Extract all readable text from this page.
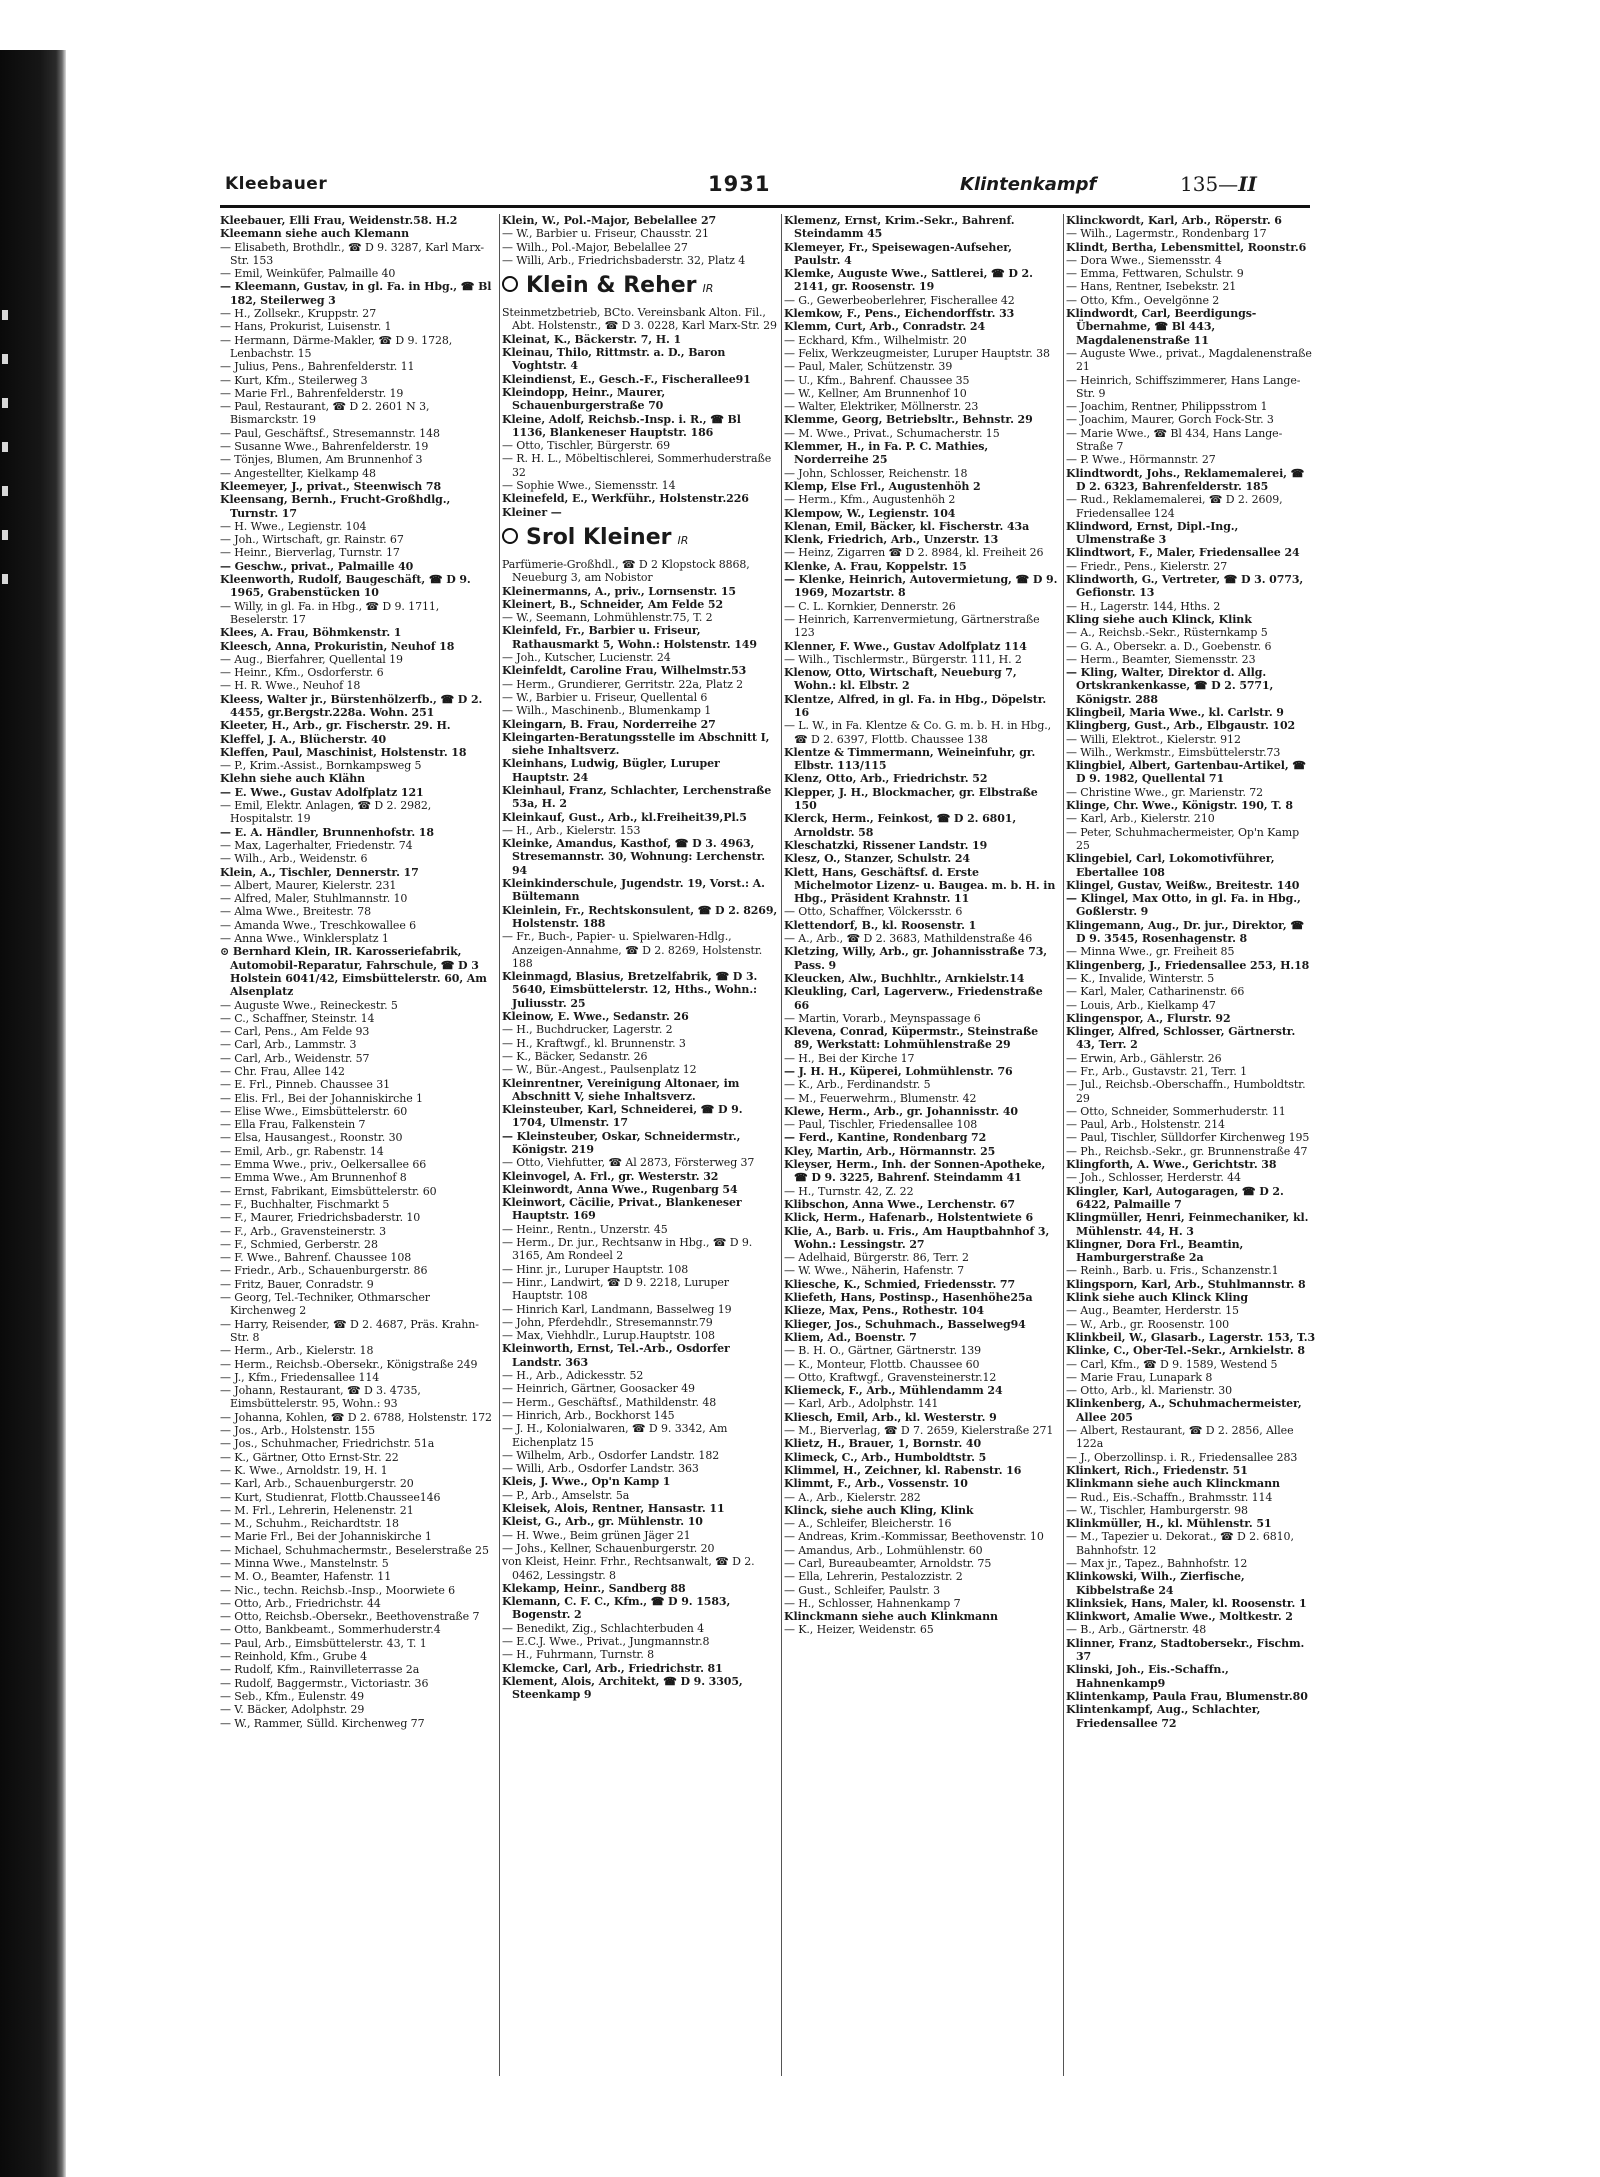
Kleebauer	1931	Klintenkampf	135—II

Kleebauer, Elli Frau, Weidenstr.58. H.2

Kleemann siehe auch Klemann

— Elisabeth, Brothdlr., ☎ D 9. 3287, Karl Marx-Str. 153

— Emil, Weinküfer, Palmaille 40

— Kleemann, Gustav, in gl. Fa. in Hbg., ☎ Bl 182, Steilerweg 3

— H., Zollsekr., Kruppstr. 27

— Hans, Prokurist, Luisenstr. 1

— Hermann, Därme-Makler, ☎ D 9. 1728, Lenbachstr. 15

— Julius, Pens., Bahrenfelderstr. 11

— Kurt, Kfm., Steilerweg 3

— Marie Frl., Bahrenfelderstr. 19

— Paul, Restaurant, ☎ D 2. 2601 N 3, Bismarckstr. 19

— Paul, Geschäftsf., Stresemannstr. 148

— Susanne Wwe., Bahrenfelderstr. 19

— Tönjes, Blumen, Am Brunnenhof 3

— Angestellter, Kielkamp 48

Kleemeyer, J., privat., Steenwisch 78

Kleensang, Bernh., Frucht-Großhdlg., Turnstr. 17

— H. Wwe., Legienstr. 104

— Joh., Wirtschaft, gr. Rainstr. 67

— Heinr., Bierverlag, Turnstr. 17

— Geschw., privat., Palmaille 40

Kleenworth, Rudolf, Baugeschäft, ☎ D 9. 1965, Grabenstücken 10

— Willy, in gl. Fa. in Hbg., ☎ D 9. 1711, Beselerstr. 17

Klees, A. Frau, Böhmkenstr. 1

Kleesch, Anna, Prokuristin, Neuhof 18

— Aug., Bierfahrer, Quellental 19

— Heinr., Kfm., Osdorferstr. 6

— H. R. Wwe., Neuhof 18

Kleess, Walter jr., Bürstenhölzerfb., ☎ D 2. 4455, gr.Bergstr.228a. Wohn. 251

Kleeter, H., Arb., gr. Fischerstr. 29. H.

Kleffel, J. A., Blücherstr. 40

Kleffen, Paul, Maschinist, Holstenstr. 18

— P., Krim.-Assist., Bornkampsweg 5

Klehn siehe auch Klähn

— E. Wwe., Gustav Adolfplatz 121

— Emil, Elektr. Anlagen, ☎ D 2. 2982, Hospitalstr. 19

— E. A. Händler, Brunnenhofstr. 18

— Max, Lagerhalter, Friedenstr. 74

— Wilh., Arb., Weidenstr. 6

Klein, A., Tischler, Dennerstr. 17

— Albert, Maurer, Kielerstr. 231

— Alfred, Maler, Stuhlmannstr. 10

— Alma Wwe., Breitestr. 78

— Amanda Wwe., Treschkowallee 6

— Anna Wwe., Winklersplatz 1

⊙ Bernhard Klein, IR. Karosseriefabrik, Automobil-Reparatur, Fahrschule, ☎ D 3 Holstein 6041/42, Eimsbüttelerstr. 60, Am Alsenplatz

— Auguste Wwe., Reineckestr. 5

— C., Schaffner, Steinstr. 14

— Carl, Pens., Am Felde 93

— Carl, Arb., Lammstr. 3

— Carl, Arb., Weidenstr. 57

— Chr. Frau, Allee 142

— E. Frl., Pinneb. Chaussee 31

— Elis. Frl., Bei der Johanniskirche 1

— Elise Wwe., Eimsbüttelerstr. 60

— Ella Frau, Falkenstein 7

— Elsa, Hausangest., Roonstr. 30

— Emil, Arb., gr. Rabenstr. 14

— Emma Wwe., priv., Oelkersallee 66

— Emma Wwe., Am Brunnenhof 8

— Ernst, Fabrikant, Eimsbüttelerstr. 60

— F., Buchhalter, Fischmarkt 5

— F., Maurer, Friedrichsbaderstr. 10

— F., Arb., Gravensteinerstr. 3

— F., Schmied, Gerberstr. 28

— F. Wwe., Bahrenf. Chaussee 108

— Friedr., Arb., Schauenburgerstr. 86

— Fritz, Bauer, Conradstr. 9

— Georg, Tel.-Techniker, Othmarscher Kirchenweg 2

— Harry, Reisender, ☎ D 2. 4687, Präs. Krahn-Str. 8

— Herm., Arb., Kielerstr. 18

— Herm., Reichsb.-Obersekr., Königstraße 249

— J., Kfm., Friedensallee 114

— Johann, Restaurant, ☎ D 3. 4735, Eimsbüttelerstr. 95, Wohn.: 93

— Johanna, Kohlen, ☎ D 2. 6788, Holstenstr. 172

— Jos., Arb., Holstenstr. 155

— Jos., Schuhmacher, Friedrichstr. 51a

— K., Gärtner, Otto Ernst-Str. 22

— K. Wwe., Arnoldstr. 19, H. 1

— Karl, Arb., Schauenburgerstr. 20

— Kurt, Studienrat, Flottb.Chaussee146

— M. Frl., Lehrerin, Helenenstr. 21

— M., Schuhm., Reichardtstr. 18

— Marie Frl., Bei der Johanniskirche 1

— Michael, Schuhmachermstr., Beselerstraße 25

— Minna Wwe., Manstelnstr. 5

— M. O., Beamter, Hafenstr. 11

— Nic., techn. Reichsb.-Insp., Moorwiete 6

— Otto, Arb., Friedrichstr. 44

— Otto, Reichsb.-Obersekr., Beethovenstraße 7

— Otto, Bankbeamt., Sommerhuderstr.4

— Paul, Arb., Eimsbüttelerstr. 43, T. 1

— Reinhold, Kfm., Grube 4

— Rudolf, Kfm., Rainvilleterrasse 2a

— Rudolf, Baggermstr., Victoriastr. 36

— Seb., Kfm., Eulenstr. 49

— V. Bäcker, Adolphstr. 29

— W., Rammer, Sülld. Kirchenweg 77

Klein, W., Pol.-Major, Bebelallee 27

— W., Barbier u. Friseur, Chausstr. 21

— Wilh., Pol.-Major, Bebelallee 27

— Willi, Arb., Friedrichsbaderstr. 32, Platz 4

Klein & Reher IR

Steinmetzbetrieb, BCto. Vereinsbank Alton. Fil., Abt. Holstenstr., ☎ D 3. 0228, Karl Marx-Str. 29

Kleinat, K., Bäckerstr. 7, H. 1

Kleinau, Thilo, Rittmstr. a. D., Baron Voghtstr. 4

Kleindienst, E., Gesch.-F., Fischerallee91

Kleindopp, Heinr., Maurer, Schauenburgerstraße 70

Kleine, Adolf, Reichsb.-Insp. i. R., ☎ Bl 1136, Blankeneser Hauptstr. 186

— Otto, Tischler, Bürgerstr. 69

— R. H. L., Möbeltischlerei, Sommerhuderstraße 32

— Sophie Wwe., Siemensstr. 14

Kleinefeld, E., Werkführ., Holstenstr.226

Kleiner —

Srol Kleiner IR

Parfümerie-Großhdl., ☎ D 2 Klopstock 8868, Neueburg 3, am Nobistor

Kleinermanns, A., priv., Lornsenstr. 15

Kleinert, B., Schneider, Am Felde 52

— W., Seemann, Lohmühlenstr.75, T. 2

Kleinfeld, Fr., Barbier u. Friseur, Rathausmarkt 5, Wohn.: Holstenstr. 149

— Joh., Kutscher, Lucienstr. 24

Kleinfeldt, Caroline Frau, Wilhelmstr.53

— Herm., Grundierer, Gerritstr. 22a, Platz 2

— W., Barbier u. Friseur, Quellental 6

— Wilh., Maschinenb., Blumenkamp 1

Kleingarn, B. Frau, Norderreihe 27

Kleingarten-Beratungsstelle im Abschnitt I, siehe Inhaltsverz.

Kleinhans, Ludwig, Bügler, Luruper Hauptstr. 24

Kleinhaul, Franz, Schlachter, Lerchenstraße 53a, H. 2

Kleinkauf, Gust., Arb., kl.Freiheit39,Pl.5

— H., Arb., Kielerstr. 153

Kleinke, Amandus, Kasthof, ☎ D 3. 4963, Stresemannstr. 30, Wohnung: Lerchenstr. 94

Kleinkinderschule, Jugendstr. 19, Vorst.: A. Bültemann

Kleinlein, Fr., Rechtskonsulent, ☎ D 2. 8269, Holstenstr. 188

— Fr., Buch-, Papier- u. Spielwaren-Hdlg., Anzeigen-Annahme, ☎ D 2. 8269, Holstenstr. 188

Kleinmagd, Blasius, Bretzelfabrik, ☎ D 3. 5640, Eimsbüttelerstr. 12, Hths., Wohn.: Juliusstr. 25

Kleinow, E. Wwe., Sedanstr. 26

— H., Buchdrucker, Lagerstr. 2

— H., Kraftwgf., kl. Brunnenstr. 3

— K., Bäcker, Sedanstr. 26

— W., Bür.-Angest., Paulsenplatz 12

Kleinrentner, Vereinigung Altonaer, im Abschnitt V, siehe Inhaltsverz.

Kleinsteuber, Karl, Schneiderei, ☎ D 9. 1704, Ulmenstr. 17

— Kleinsteuber, Oskar, Schneidermstr., Königstr. 219

— Otto, Viehfutter, ☎ Al 2873, Försterweg 37

Kleinvogel, A. Frl., gr. Westerstr. 32

Kleinwordt, Anna Wwe., Rugenbarg 54

Kleinwort, Cäcilie, Privat., Blankeneser Hauptstr. 169

— Heinr., Rentn., Unzerstr. 45

— Herm., Dr. jur., Rechtsanw in Hbg., ☎ D 9. 3165, Am Rondeel 2

— Hinr. jr., Luruper Hauptstr. 108

— Hinr., Landwirt, ☎ D 9. 2218, Luruper Hauptstr. 108

— Hinrich Karl, Landmann, Basselweg 19

— John, Pferdehdlr., Stresemannstr.79

— Max, Viehhdlr., Lurup.Hauptstr. 108

Kleinworth, Ernst, Tel.-Arb., Osdorfer Landstr. 363

— H., Arb., Adickesstr. 52

— Heinrich, Gärtner, Goosacker 49

— Herm., Geschäftsf., Mathildenstr. 48

— Hinrich, Arb., Bockhorst 145

— J. H., Kolonialwaren, ☎ D 9. 3342, Am Eichenplatz 15

— Wilhelm, Arb., Osdorfer Landstr. 182

— Willi, Arb., Osdorfer Landstr. 363

Kleis, J. Wwe., Op'n Kamp 1

— P., Arb., Amselstr. 5a

Kleisek, Alois, Rentner, Hansastr. 11

Kleist, G., Arb., gr. Mühlenstr. 10

— H. Wwe., Beim grünen Jäger 21

— Johs., Kellner, Schauenburgerstr. 20

von Kleist, Heinr. Frhr., Rechtsanwalt, ☎ D 2. 0462, Lessingstr. 8

Klekamp, Heinr., Sandberg 88

Klemann, C. F. C., Kfm., ☎ D 9. 1583, Bogenstr. 2

— Benedikt, Zig., Schlachterbuden 4

— E.C.J. Wwe., Privat., Jungmannstr.8

— H., Fuhrmann, Turnstr. 8

Klemcke, Carl, Arb., Friedrichstr. 81

Klement, Alois, Architekt, ☎ D 9. 3305, Steenkamp 9

Klemenz, Ernst, Krim.-Sekr., Bahrenf. Steindamm 45

Klemeyer, Fr., Speisewagen-Aufseher, Paulstr. 4

Klemke, Auguste Wwe., Sattlerei, ☎ D 2. 2141, gr. Roosenstr. 19

— G., Gewerbeoberlehrer, Fischerallee 42

Klemkow, F., Pens., Eichendorffstr. 33

Klemm, Curt, Arb., Conradstr. 24

— Eckhard, Kfm., Wilhelmistr. 20

— Felix, Werkzeugmeister, Luruper Hauptstr. 38

— Paul, Maler, Schützenstr. 39

— U., Kfm., Bahrenf. Chaussee 35

— W., Kellner, Am Brunnenhof 10

— Walter, Elektriker, Möllnerstr. 23

Klemme, Georg, Betriebsltr., Behnstr. 29

— M. Wwe., Privat., Schumacherstr. 15

Klemmer, H., in Fa. P. C. Mathies, Norderreihe 25

— John, Schlosser, Reichenstr. 18

Klemp, Else Frl., Augustenhöh 2

— Herm., Kfm., Augustenhöh 2

Klempow, W., Legienstr. 104

Klenan, Emil, Bäcker, kl. Fischerstr. 43a

Klenk, Friedrich, Arb., Unzerstr. 13

— Heinz, Zigarren ☎ D 2. 8984, kl. Freiheit 26

Klenke, A. Frau, Koppelstr. 15

— Klenke, Heinrich, Autovermietung, ☎ D 9. 1969, Mozartstr. 8

— C. L. Kornkier, Dennerstr. 26

— Heinrich, Karrenvermietung, Gärtnerstraße 123

Klenner, F. Wwe., Gustav Adolfplatz 114

— Wilh., Tischlermstr., Bürgerstr. 111, H. 2

Klenow, Otto, Wirtschaft, Neueburg 7, Wohn.: kl. Elbstr. 2

Klentze, Alfred, in gl. Fa. in Hbg., Döpelstr. 16

— L. W., in Fa. Klentze & Co. G. m. b. H. in Hbg., ☎ D 2. 6397, Flottb. Chaussee 138

Klentze & Timmermann, Weineinfuhr, gr. Elbstr. 113/115

Klenz, Otto, Arb., Friedrichstr. 52

Klepper, J. H., Blockmacher, gr. Elbstraße 150

Klerck, Herm., Feinkost, ☎ D 2. 6801, Arnoldstr. 58

Kleschatzki, Rissener Landstr. 19

Klesz, O., Stanzer, Schulstr. 24

Klett, Hans, Geschäftsf. d. Erste Michelmotor Lizenz- u. Baugea. m. b. H. in Hbg., Präsident Krahnstr. 11

— Otto, Schaffner, Völckersstr. 6

Klettendorf, B., kl. Roosenstr. 1

— A., Arb., ☎ D 2. 3683, Mathildenstraße 46

Kletzing, Willy, Arb., gr. Johannisstraße 73, Pass. 9

Kleucken, Alw., Buchhltr., Arnkielstr.14

Kleukling, Carl, Lagerverw., Friedenstraße 66

— Martin, Vorarb., Meynspassage 6

Klevena, Conrad, Küpermstr., Steinstraße 89, Werkstatt: Lohmühlenstraße 29

— H., Bei der Kirche 17

— J. H. H., Küperei, Lohmühlenstr. 76

— K., Arb., Ferdinandstr. 5

— M., Feuerwehrm., Blumenstr. 42

Klewe, Herm., Arb., gr. Johannisstr. 40

— Paul, Tischler, Friedensallee 108

— Ferd., Kantine, Rondenbarg 72

Kley, Martin, Arb., Hörmannstr. 25

Kleyser, Herm., Inh. der Sonnen-Apotheke, ☎ D 9. 3225, Bahrenf. Steindamm 41

— H., Turnstr. 42, Z. 22

Klibschon, Anna Wwe., Lerchenstr. 67

Klick, Herm., Hafenarb., Holstentwiete 6

Klie, A., Barb. u. Fris., Am Hauptbahnhof 3, Wohn.: Lessingstr. 27

— Adelhaid, Bürgerstr. 86, Terr. 2

— W. Wwe., Näherin, Hafenstr. 7

Kliesche, K., Schmied, Friedensstr. 77

Kliefeth, Hans, Postinsp., Hasenhöhe25a

Klieze, Max, Pens., Rothestr. 104

Klieger, Jos., Schuhmach., Basselweg94

Kliem, Ad., Boenstr. 7

— B. H. O., Gärtner, Gärtnerstr. 139

— K., Monteur, Flottb. Chaussee 60

— Otto, Kraftwgf., Gravensteinerstr.12

Kliemeck, F., Arb., Mühlendamm 24

— Karl, Arb., Adolphstr. 141

Kliesch, Emil, Arb., kl. Westerstr. 9

— M., Bierverlag, ☎ D 7. 2659, Kielerstraße 271

Klietz, H., Brauer, 1, Bornstr. 40

Klimeck, C., Arb., Humboldtstr. 5

Klimmel, H., Zeichner, kl. Rabenstr. 16

Klimmt, F., Arb., Vossenstr. 10

— A., Arb., Kielerstr. 282

Klinck, siehe auch Kling, Klink

— A., Schleifer, Bleicherstr. 16

— Andreas, Krim.-Kommissar, Beethovenstr. 10

— Amandus, Arb., Lohmühlenstr. 60

— Carl, Bureaubeamter, Arnoldstr. 75

— Ella, Lehrerin, Pestalozzistr. 2

— Gust., Schleifer, Paulstr. 3

— H., Schlosser, Hahnenkamp 7

Klinckmann siehe auch Klinkmann

— K., Heizer, Weidenstr. 65

Klinckwordt, Karl, Arb., Röperstr. 6

— Wilh., Lagermstr., Rondenbarg 17

Klindt, Bertha, Lebensmittel, Roonstr.6

— Dora Wwe., Siemensstr. 4

— Emma, Fettwaren, Schulstr. 9

— Hans, Rentner, Isebekstr. 21

— Otto, Kfm., Oevelgönne 2

Klindwordt, Carl, Beerdigungs-Übernahme, ☎ Bl 443, Magdalenenstraße 11

— Auguste Wwe., privat., Magdalenenstraße 21

— Heinrich, Schiffszimmerer, Hans Lange-Str. 9

— Joachim, Rentner, Philippsstrom 1

— Joachim, Maurer, Gorch Fock-Str. 3

— Marie Wwe., ☎ Bl 434, Hans Lange-Straße 7

— P. Wwe., Hörmannstr. 27

Klindtwordt, Johs., Reklamemalerei, ☎ D 2. 6323, Bahrenfelderstr. 185

— Rud., Reklamemalerei, ☎ D 2. 2609, Friedensallee 124

Klindword, Ernst, Dipl.-Ing., Ulmenstraße 3

Klindtwort, F., Maler, Friedensallee 24

— Friedr., Pens., Kielerstr. 27

Klindworth, G., Vertreter, ☎ D 3. 0773, Gefionstr. 13

— H., Lagerstr. 144, Hths. 2

Kling siehe auch Klinck, Klink

— A., Reichsb.-Sekr., Rüsternkamp 5

— G. A., Obersekr. a. D., Goebenstr. 6

— Herm., Beamter, Siemensstr. 23

— Kling, Walter, Direktor d. Allg. Ortskrankenkasse, ☎ D 2. 5771, Königstr. 288

Klingbeil, Maria Wwe., kl. Carlstr. 9

Klingberg, Gust., Arb., Elbgaustr. 102

— Willi, Elektrot., Kielerstr. 912

— Wilh., Werkmstr., Eimsbüttelerstr.73

Klingbiel, Albert, Gartenbau-Artikel, ☎ D 9. 1982, Quellental 71

— Christine Wwe., gr. Marienstr. 72

Klinge, Chr. Wwe., Königstr. 190, T. 8

— Karl, Arb., Kielerstr. 210

— Peter, Schuhmachermeister, Op'n Kamp 25

Klingebiel, Carl, Lokomotivführer, Ebertallee 108

Klingel, Gustav, Weißw., Breitestr. 140

— Klingel, Max Otto, in gl. Fa. in Hbg., Goßlerstr. 9

Klingemann, Aug., Dr. jur., Direktor, ☎ D 9. 3545, Rosenhagenstr. 8

— Minna Wwe., gr. Freiheit 85

Klingenberg, J., Friedensallee 253, H.18

— K., Invalide, Winterstr. 5

— Karl, Maler, Catharinenstr. 66

— Louis, Arb., Kielkamp 47

Klingenspor, A., Flurstr. 92

Klinger, Alfred, Schlosser, Gärtnerstr. 43, Terr. 2

— Erwin, Arb., Gählerstr. 26

— Fr., Arb., Gustavstr. 21, Terr. 1

— Jul., Reichsb.-Oberschaffn., Humboldtstr. 29

— Otto, Schneider, Sommerhuderstr. 11

— Paul, Arb., Holstenstr. 214

— Paul, Tischler, Sülldorfer Kirchenweg 195

— Ph., Reichsb.-Sekr., gr. Brunnenstraße 47

Klingforth, A. Wwe., Gerichtstr. 38

— Joh., Schlosser, Herderstr. 44

Klingler, Karl, Autogaragen, ☎ D 2. 6422, Palmaille 7

Klingmüller, Henri, Feinmechaniker, kl. Mühlenstr. 44, H. 3

Klingner, Dora Frl., Beamtin, Hamburgerstraße 2a

— Reinh., Barb. u. Fris., Schanzenstr.1

Klingsporn, Karl, Arb., Stuhlmannstr. 8

Klink siehe auch Klinck Kling

— Aug., Beamter, Herderstr. 15

— W., Arb., gr. Roosenstr. 100

Klinkbeil, W., Glasarb., Lagerstr. 153, T.3

Klinke, C., Ober-Tel.-Sekr., Arnkielstr. 8

— Carl, Kfm., ☎ D 9. 1589, Westend 5

— Marie Frau, Lunapark 8

— Otto, Arb., kl. Marienstr. 30

Klinkenberg, A., Schuhmachermeister, Allee 205

— Albert, Restaurant, ☎ D 2. 2856, Allee 122a

— J., Oberzollinsp. i. R., Friedensallee 283

Klinkert, Rich., Friedenstr. 51

Klinkmann siehe auch Klinckmann

— Rud., Eis.-Schaffn., Brahmsstr. 114

— W., Tischler, Hamburgerstr. 98

Klinkmüller, H., kl. Mühlenstr. 51

— M., Tapezier u. Dekorat., ☎ D 2. 6810, Bahnhofstr. 12

— Max jr., Tapez., Bahnhofstr. 12

Klinkowski, Wilh., Zierfische, Kibbelstraße 24

Klinksiek, Hans, Maler, kl. Roosenstr. 1

Klinkwort, Amalie Wwe., Moltkestr. 2

— B., Arb., Gärtnerstr. 48

Klinner, Franz, Stadtobersekr., Fischm. 37

Klinski, Joh., Eis.-Schaffn., Hahnenkamp9

Klintenkamp, Paula Frau, Blumenstr.80

Klintenkampf, Aug., Schlachter, Friedensallee 72
